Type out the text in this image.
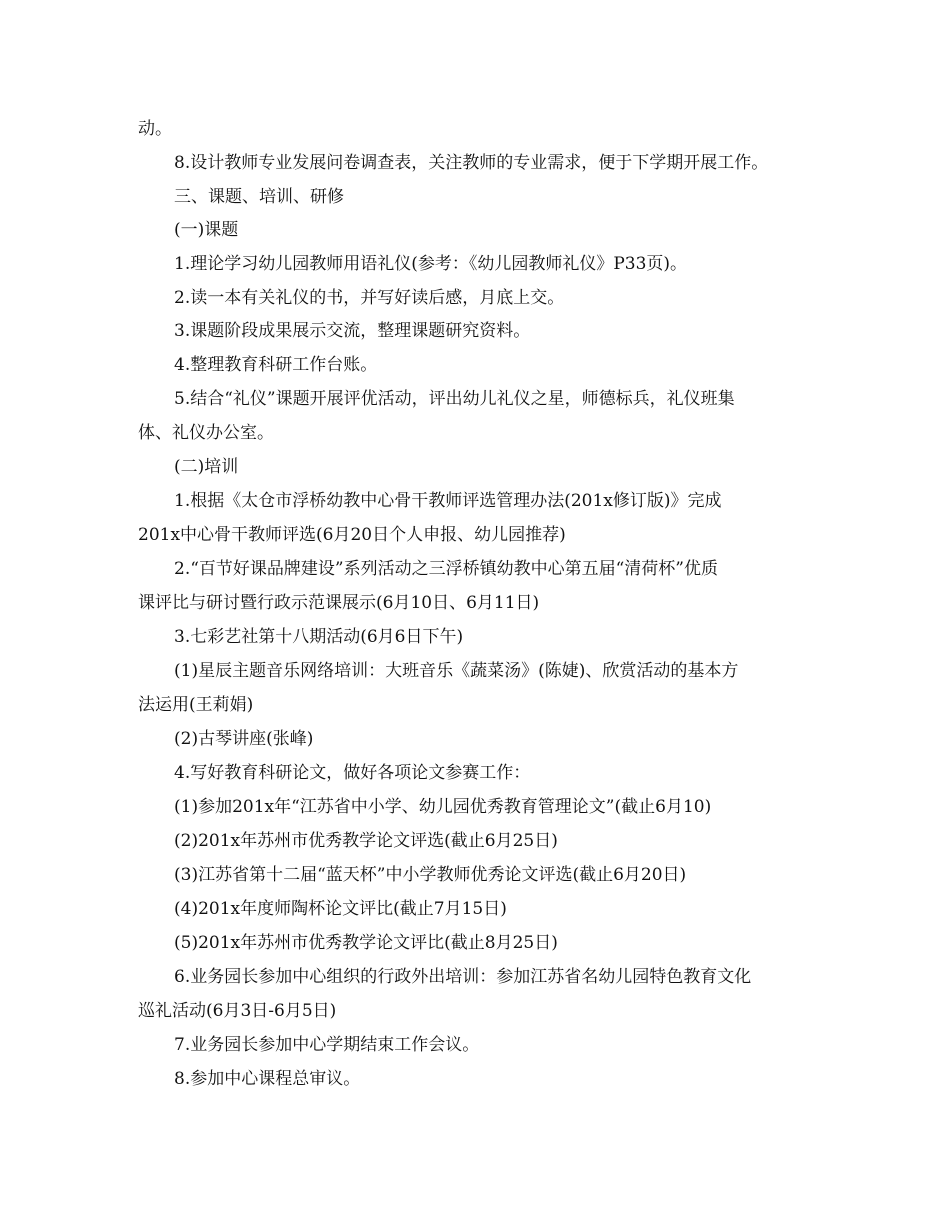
动。
8.设计教师专业发展问卷调查表，关注教师的专业需求，便于下学期开展工作。
三、课题、培训、研修
(一)课题
1.理论学习幼儿园教师用语礼仪(参考：《幼儿园教师礼仪》P33页)。
2.读一本有关礼仪的书，并写好读后感，月底上交。
3.课题阶段成果展示交流，整理课题研究资料。
4.整理教育科研工作台账。
5.结合“礼仪”课题开展评优活动，评出幼儿礼仪之星，师德标兵，礼仪班集
体、礼仪办公室。
(二)培训
1.根据《太仓市浮桥幼教中心骨干教师评选管理办法(201x修订版)》完成
201x中心骨干教师评选(6月20日个人申报、幼儿园推荐)
2.“百节好课品牌建设”系列活动之三浮桥镇幼教中心第五届“清荷杯”优质
课评比与研讨暨行政示范课展示(6月10日、6月11日)
3.七彩艺社第十八期活动(6月6日下午)
(1)星辰主题音乐网络培训：大班音乐《蔬菜汤》(陈婕)、欣赏活动的基本方
法运用(王莉娟)
(2)古琴讲座(张峰)
4.写好教育科研论文，做好各项论文参赛工作：
(1)参加201x年“江苏省中小学、幼儿园优秀教育管理论文”(截止6月10)
(2)201x年苏州市优秀教学论文评选(截止6月25日)
(3)江苏省第十二届“蓝天杯”中小学教师优秀论文评选(截止6月20日)
(4)201x年度师陶杯论文评比(截止7月15日)
(5)201x年苏州市优秀教学论文评比(截止8月25日)
6.业务园长参加中心组织的行政外出培训：参加江苏省名幼儿园特色教育文化
巡礼活动(6月3日-6月5日)
7.业务园长参加中心学期结束工作会议。
8.参加中心课程总审议。
